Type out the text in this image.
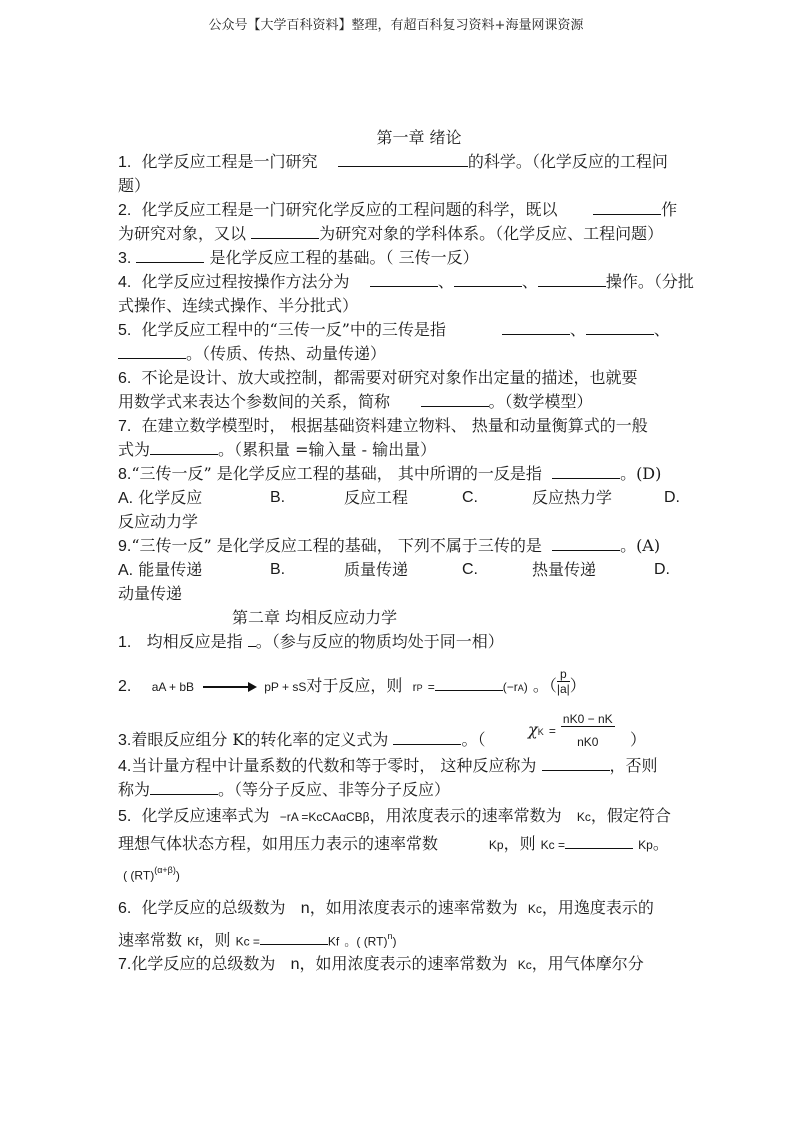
公众号【大学百科资料】整理，有超百科复习资料+海量网课资源
第一章 绪论
1. 化学反应工程是一门研究	的科学。（化学反应的工程问
题）
2. 化学反应工程是一门研究化学反应的工程问题的科学，既以	作
为研究对象，又以	为研究对象的学科体系。（化学反应、工程问题）
3.	是化学反应工程的基础。（ 三传一反）
4. 化学反应过程按操作方法分为	、	、	操作。（分批
式操作、连续式操作、半分批式）
5. 化学反应工程中的“三传一反”中的三传是指	、	、
。（传质、传热、动量传递）
6. 不论是设计、放大或控制，都需要对研究对象作出定量的描述，也就要
用数学式来表达个参数间的关系，简称	。（数学模型）
7. 在建立数学模型时， 根据基础资料建立物料、 热量和动量衡算式的一般
式为	。（累积量 =输入量 - 输出量）
8.“三传一反” 是化学反应工程的基础， 其中所谓的一反是指	。(D)
A. 化学反应	B.	反应工程	C.	反应热力学	D.
反应动力学
9.“三传一反” 是化学反应工程的基础， 下列不属于三传的是	。(A)
A. 能量传递	B.	质量传递	C.	热量传递	D.
动量传递
第二章 均相反应动力学
1. 均相反应是指 。（参与反应的物质均处于同一相）
2. aA + bB → pP + sS对于反应，则 rP =	(−rA) 。（ $\frac{p}{|a|}$）
3.着眼反应组分 K的转化率的定义式为	。（
$\chi K = \frac{nK0 - nK}{nK0}$ ）
4.当计量方程中计量系数的代数和等于零时， 这种反应称为	，否则
称为	。（等分子反应、非等分子反应）
5. 化学反应速率式为 −rA =KcCAαCBβ，用浓度表示的速率常数为 Kc，假定符合
理想气体状态方程，如用压力表示的速率常数	Kp，则 Kc =	Kp。
( (RT)$^{(\alpha+\beta)}$)
6. 化学反应的总级数为 n，如用浓度表示的速率常数为 Kc，用逸度表示的
速率常数 Kf，则 Kc =	Kf 。( (RT)$^n$)
7.化学反应的总级数为 n，如用浓度表示的速率常数为 Kc，用气体摩尔分
